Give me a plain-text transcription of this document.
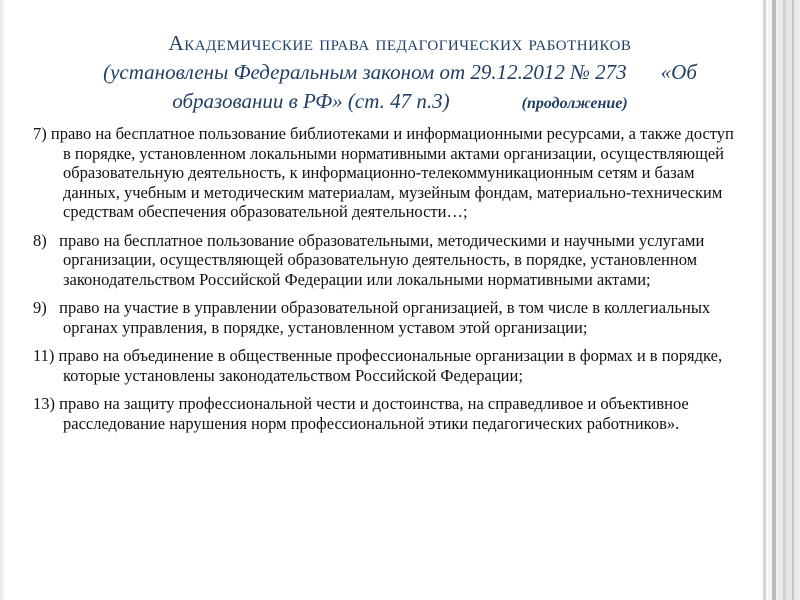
Академические права педагогических работников

(установлены Федеральным законом от 29.12.2012 № 273 «Об

образовании в РФ» (ст. 47 п.3)	(продолжение)

7) право на бесплатное пользование библиотеками и информационными ресурсами, а также доступ в порядке, установленном локальными нормативными актами организации, осуществляющей образовательную деятельность, к информационно-телекоммуникационным сетям и базам данных, учебным и методическим материалам, музейным фондам, материально-техническим средствам обеспечения образовательной деятельности…;

8) право на бесплатное пользование образовательными, методическими и научными услугами организации, осуществляющей образовательную деятельность, в порядке, установленном законодательством Российской Федерации или локальными нормативными актами;

9) право на участие в управлении образовательной организацией, в том числе в коллегиальных органах управления, в порядке, установленном уставом этой организации;

11) право на объединение в общественные профессиональные организации в формах и в порядке, которые установлены законодательством Российской Федерации;

13) право на защиту профессиональной чести и достоинства, на справедливое и объективное расследование нарушения норм профессиональной этики педагогических работников».
